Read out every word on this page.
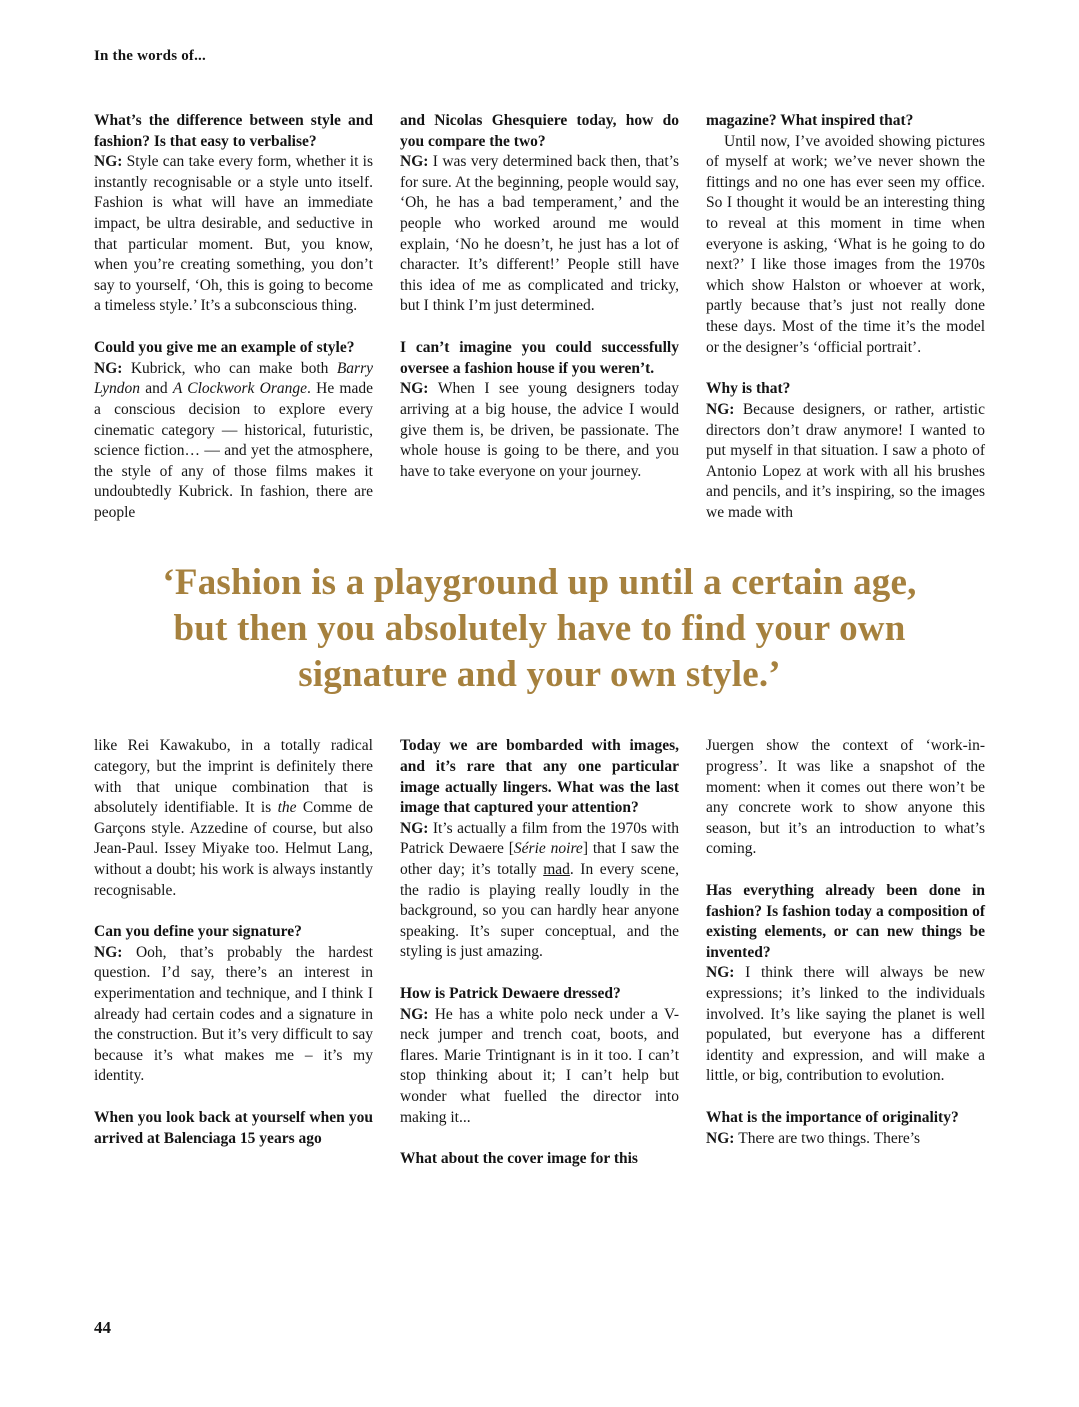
In the words of...

What’s the difference between style and fashion? Is that easy to verbalise?

NG: Style can take every form, whether it is instantly recognisable or a style unto itself. Fashion is what will have an immediate impact, be ultra desirable, and seductive in that particular moment. But, you know, when you’re creating something, you don’t say to yourself, ‘Oh, this is going to become a timeless style.’ It’s a subconscious thing.

Could you give me an example of style?

NG: Kubrick, who can make both Barry Lyndon and A Clockwork Orange. He made a conscious decision to explore every cinematic category — historical, futuristic, science fiction… — and yet the atmosphere, the style of any of those films makes it undoubtedly Kubrick. In fashion, there are people

and Nicolas Ghesquiere today, how do you compare the two?

NG: I was very determined back then, that’s for sure. At the beginning, people would say, ‘Oh, he has a bad temperament,’ and the people who worked around me would explain, ‘No he doesn’t, he just has a lot of character. It’s different!’ People still have this idea of me as complicated and tricky, but I think I’m just determined.

I can’t imagine you could successfully oversee a fashion house if you weren’t.

NG: When I see young designers today arriving at a big house, the advice I would give them is, be driven, be passionate. The whole house is going to be there, and you have to take everyone on your journey.

magazine? What inspired that?

Until now, I’ve avoided showing pictures of myself at work; we’ve never shown the fittings and no one has ever seen my office. So I thought it would be an interesting thing to reveal at this moment in time when everyone is asking, ‘What is he going to do next?’ I like those images from the 1970s which show Halston or whoever at work, partly because that’s just not really done these days. Most of the time it’s the model or the designer’s ‘official portrait’.

Why is that?

NG: Because designers, or rather, artistic directors don’t draw anymore! I wanted to put myself in that situation. I saw a photo of Antonio Lopez at work with all his brushes and pencils, and it’s inspiring, so the images we made with

‘Fashion is a playground up until a certain age,
but then you absolutely have to find your own
signature and your own style.’

like Rei Kawakubo, in a totally radical category, but the imprint is definitely there with that unique combination that is absolutely identifiable. It is the Comme de Garçons style. Azzedine of course, but also Jean-Paul. Issey Miyake too. Helmut Lang, without a doubt; his work is always instantly recognisable.

Can you define your signature?

NG: Ooh, that’s probably the hardest question. I’d say, there’s an interest in experimentation and technique, and I think I already had certain codes and a signature in the construction. But it’s very difficult to say because it’s what makes me – it’s my identity.

When you look back at yourself when you arrived at Balenciaga 15 years ago

Today we are bombarded with images, and it’s rare that any one particular image actually lingers. What was the last image that captured your attention?

NG: It’s actually a film from the 1970s with Patrick Dewaere [Série noire] that I saw the other day; it’s totally mad. In every scene, the radio is playing really loudly in the background, so you can hardly hear anyone speaking. It’s super conceptual, and the styling is just amazing.

How is Patrick Dewaere dressed?

NG: He has a white polo neck under a V-neck jumper and trench coat, boots, and flares. Marie Trintignant is in it too. I can’t stop thinking about it; I can’t help but wonder what fuelled the director into making it...

What about the cover image for this

Juergen show the context of ‘work-in-progress’. It was like a snapshot of the moment: when it comes out there won’t be any concrete work to show anyone this season, but it’s an introduction to what’s coming.

Has everything already been done in fashion? Is fashion today a composition of existing elements, or can new things be invented?

NG: I think there will always be new expressions; it’s linked to the individuals involved. It’s like saying the planet is well populated, but everyone has a different identity and expression, and will make a little, or big, contribution to evolution.

What is the importance of originality?

NG: There are two things. There’s

44
